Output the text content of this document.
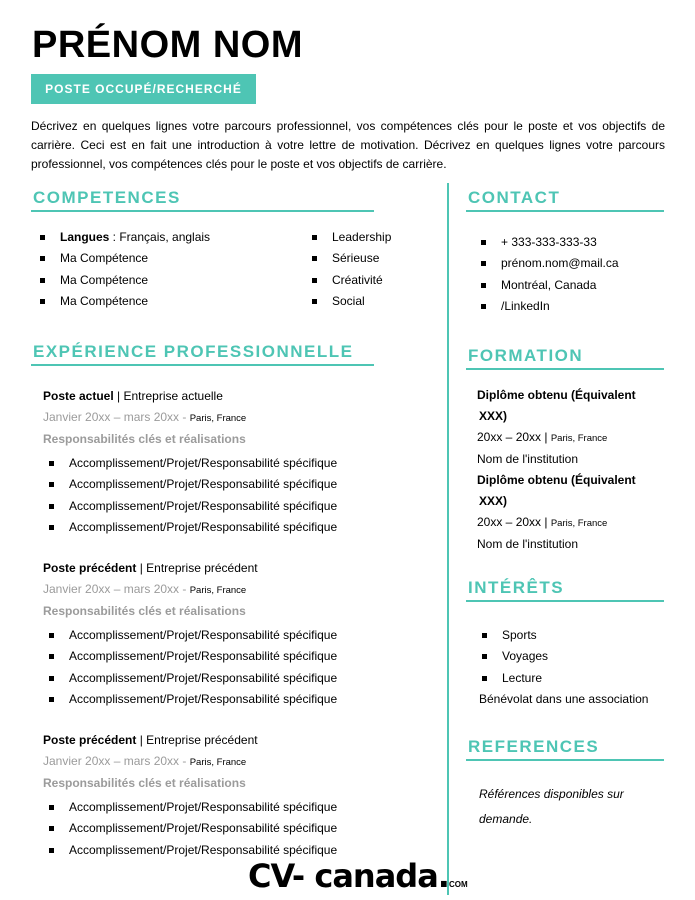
PRÉNOM NOM
POSTE OCCUPÉ/RECHERCHÉ
Décrivez en quelques lignes votre parcours professionnel, vos compétences clés pour le poste et vos objectifs de carrière. Ceci est en fait une introduction à votre lettre de motivation. Décrivez en quelques lignes votre parcours professionnel, vos compétences clés pour le poste et vos objectifs de carrière.
COMPETENCES
Langues : Français, anglais
Ma Compétence
Ma Compétence
Ma Compétence
Leadership
Sérieuse
Créativité
Social
EXPÉRIENCE PROFESSIONNELLE
Poste actuel | Entreprise actuelle
Janvier 20xx – mars 20xx - Paris, France
Responsabilités clés et réalisations
Accomplissement/Projet/Responsabilité spécifique
Accomplissement/Projet/Responsabilité spécifique
Accomplissement/Projet/Responsabilité spécifique
Accomplissement/Projet/Responsabilité spécifique
Poste précédent | Entreprise précédent
Janvier 20xx – mars 20xx - Paris, France
Responsabilités clés et réalisations
Accomplissement/Projet/Responsabilité spécifique
Accomplissement/Projet/Responsabilité spécifique
Accomplissement/Projet/Responsabilité spécifique
Accomplissement/Projet/Responsabilité spécifique
Poste précédent | Entreprise précédent
Janvier 20xx – mars 20xx - Paris, France
Responsabilités clés et réalisations
Accomplissement/Projet/Responsabilité spécifique
Accomplissement/Projet/Responsabilité spécifique
Accomplissement/Projet/Responsabilité spécifique
CONTACT
+ 333-333-333-33
prénom.nom@mail.ca
Montréal, Canada
/LinkedIn
FORMATION
Diplôme obtenu (Équivalent
XXX)
20xx – 20xx | Paris, France
Nom de l'institution
Diplôme obtenu (Équivalent
XXX)
20xx – 20xx | Paris, France
Nom de l'institution
INTÉRÊTS
Sports
Voyages
Lecture
Bénévolat dans une association
REFERENCES
Références disponibles sur
demande.
CV- canada.COM
